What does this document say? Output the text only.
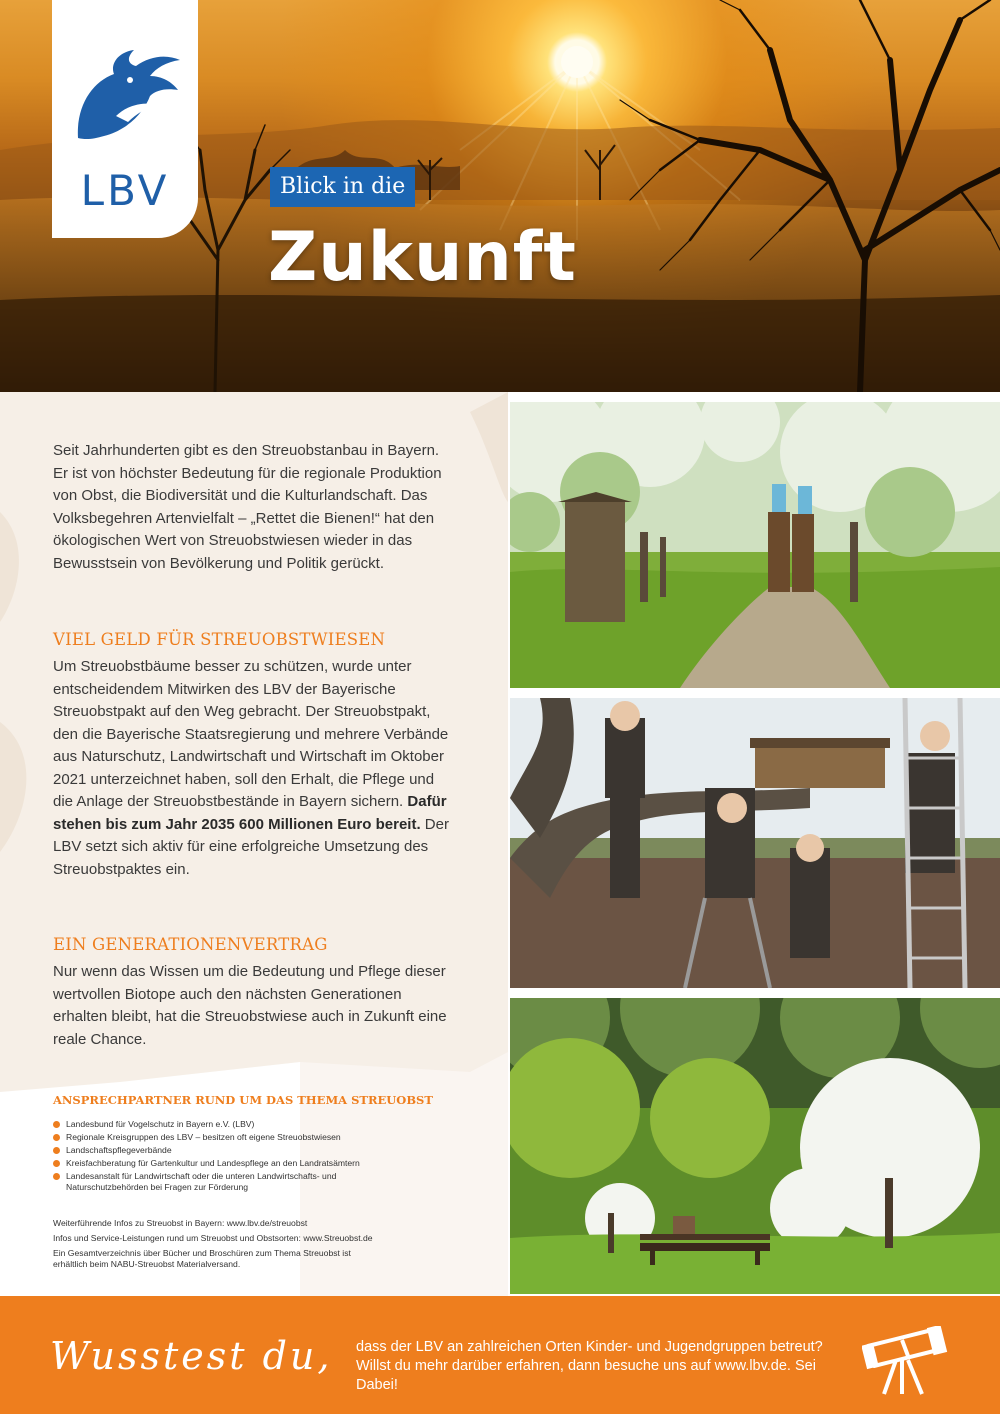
LBV	Blick in die
Zukunft
Seit Jahrhunderten gibt es den Streuobstanbau in Bayern. Er ist von höchster Bedeutung für die regionale Produktion von Obst, die Biodiversität und die Kulturlandschaft. Das Volksbegehren Artenvielfalt – „Rettet die Bienen!“ hat den ökologischen Wert von Streuobstwiesen wieder in das Bewusstsein von Bevölkerung und Politik gerückt.
VIEL GELD FÜR STREUOBSTWIESEN
Um Streuobstbäume besser zu schützen, wurde unter entscheidendem Mitwirken des LBV der Bayerische Streuobstpakt auf den Weg gebracht. Der Streuobstpakt, den die Bayerische Staatsregierung und mehrere Verbände aus Naturschutz, Landwirtschaft und Wirtschaft im Oktober 2021 unterzeichnet haben, soll den Erhalt, die Pflege und die Anlage der Streuobstbestände in Bayern sichern. Dafür stehen bis zum Jahr 2035 600 Millionen Euro bereit. Der LBV setzt sich aktiv für eine erfolgreiche Umsetzung des Streuobstpaktes ein.
EIN GENERATIONENVERTRAG
Nur wenn das Wissen um die Bedeutung und Pflege dieser wertvollen Biotope auch den nächsten Generationen erhalten bleibt, hat die Streuobstwiese auch in Zukunft eine reale Chance.
ANSPRECHPARTNER RUND UM DAS THEMA STREUOBST
Landesbund für Vogelschutz in Bayern e.V. (LBV)
Regionale Kreisgruppen des LBV – besitzen oft eigene Streuobstwiesen
Landschaftspflegeverbände
Kreisfachberatung für Gartenkultur und Landespflege an den Landratsämtern
Landesanstalt für Landwirtschaft oder die unteren Landwirtschafts- und Naturschutzbehörden bei Fragen zur Förderung

Weiterführende Infos zu Streuobst in Bayern: www.lbv.de/streuobst

Infos und Service-Leistungen rund um Streuobst und Obstsorten: www.Streuobst.de

Ein Gesamtverzeichnis über Bücher und Broschüren zum Thema Streuobst ist erhältlich beim NABU-Streuobst Materialversand.

Wusstest du, dass der LBV an zahlreichen Orten Kinder- und Jugendgruppen betreut? Willst du mehr darüber erfahren, dann besuche uns auf www.lbv.de. Sei Dabei!
